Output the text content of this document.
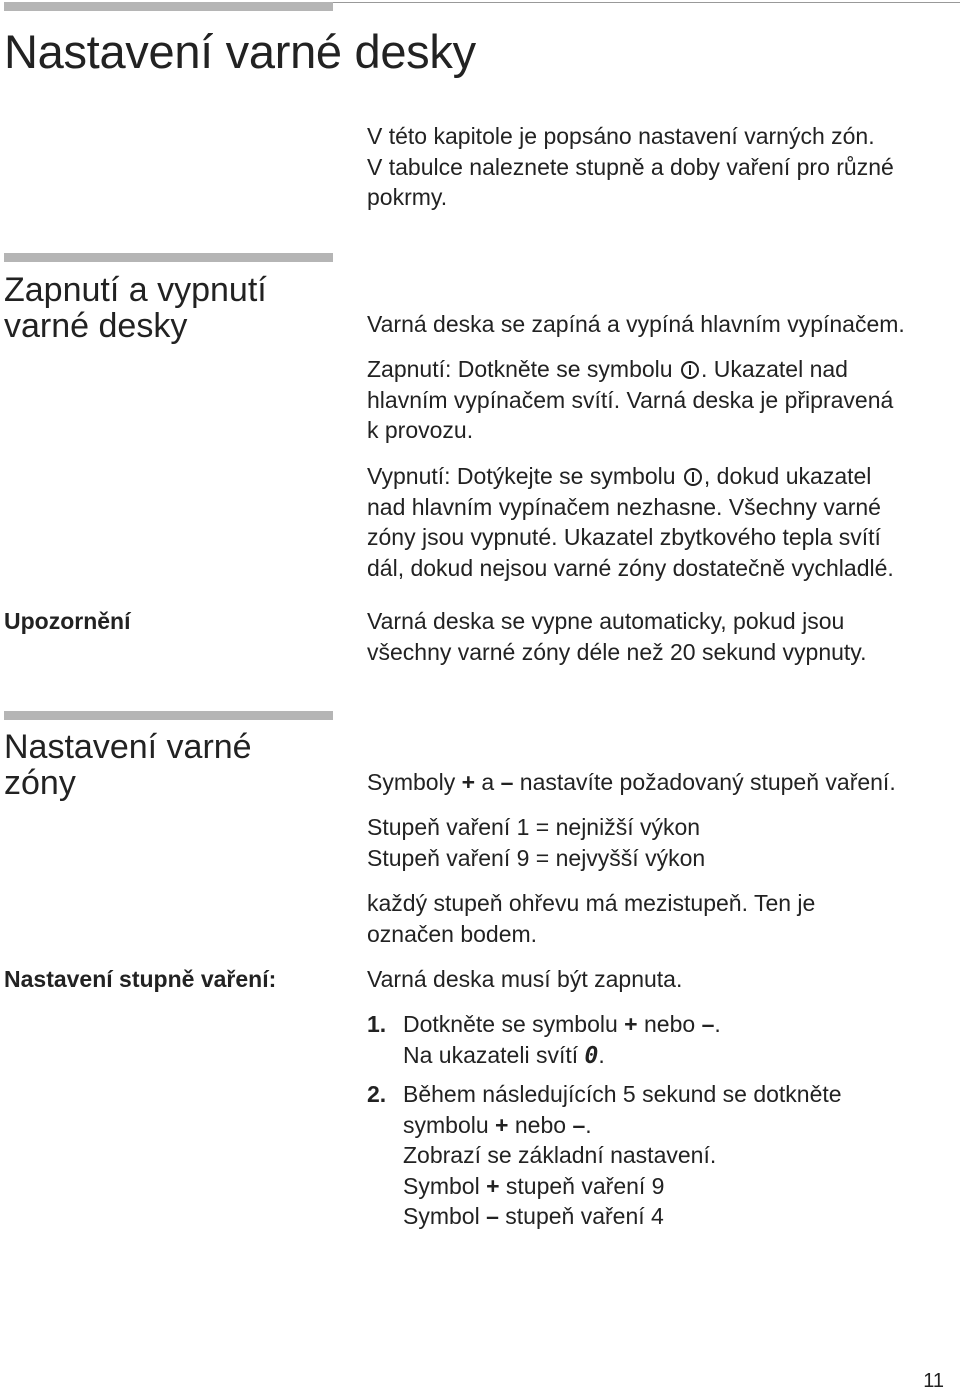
Nastavení varné desky
V této kapitole je popsáno nastavení varných zón.
V tabulce naleznete stupně a doby vaření pro různé
pokrmy.
Zapnutí a vypnutí
varné desky	Varná deska se zapíná a vypíná hlavním vypínačem.
Zapnutí: Dotkněte se symbolu . Ukazatel nad
hlavním vypínačem svítí. Varná deska je připravená
k provozu.
Vypnutí: Dotýkejte se symbolu , dokud ukazatel
nad hlavním vypínačem nezhasne. Všechny varné
zóny jsou vypnuté. Ukazatel zbytkového tepla svítí
dál, dokud nejsou varné zóny dostatečně vychladlé.
Upozornění	Varná deska se vypne automaticky, pokud jsou
všechny varné zóny déle než 20 sekund vypnuty.
Nastavení varné
zóny	Symboly + a – nastavíte požadovaný stupeň vaření.
Stupeň vaření 1 = nejnižší výkon
Stupeň vaření 9 = nejvyšší výkon
každý stupeň ohřevu má mezistupeň. Ten je
označen bodem.
Nastavení stupně vaření:	Varná deska musí být zapnuta.
1. Dotkněte se symbolu + nebo –.
Na ukazateli svítí 0.
2. Během následujících 5 sekund se dotkněte
symbolu + nebo –.
Zobrazí se základní nastavení.
Symbol + stupeň vaření 9
Symbol – stupeň vaření 4
11
